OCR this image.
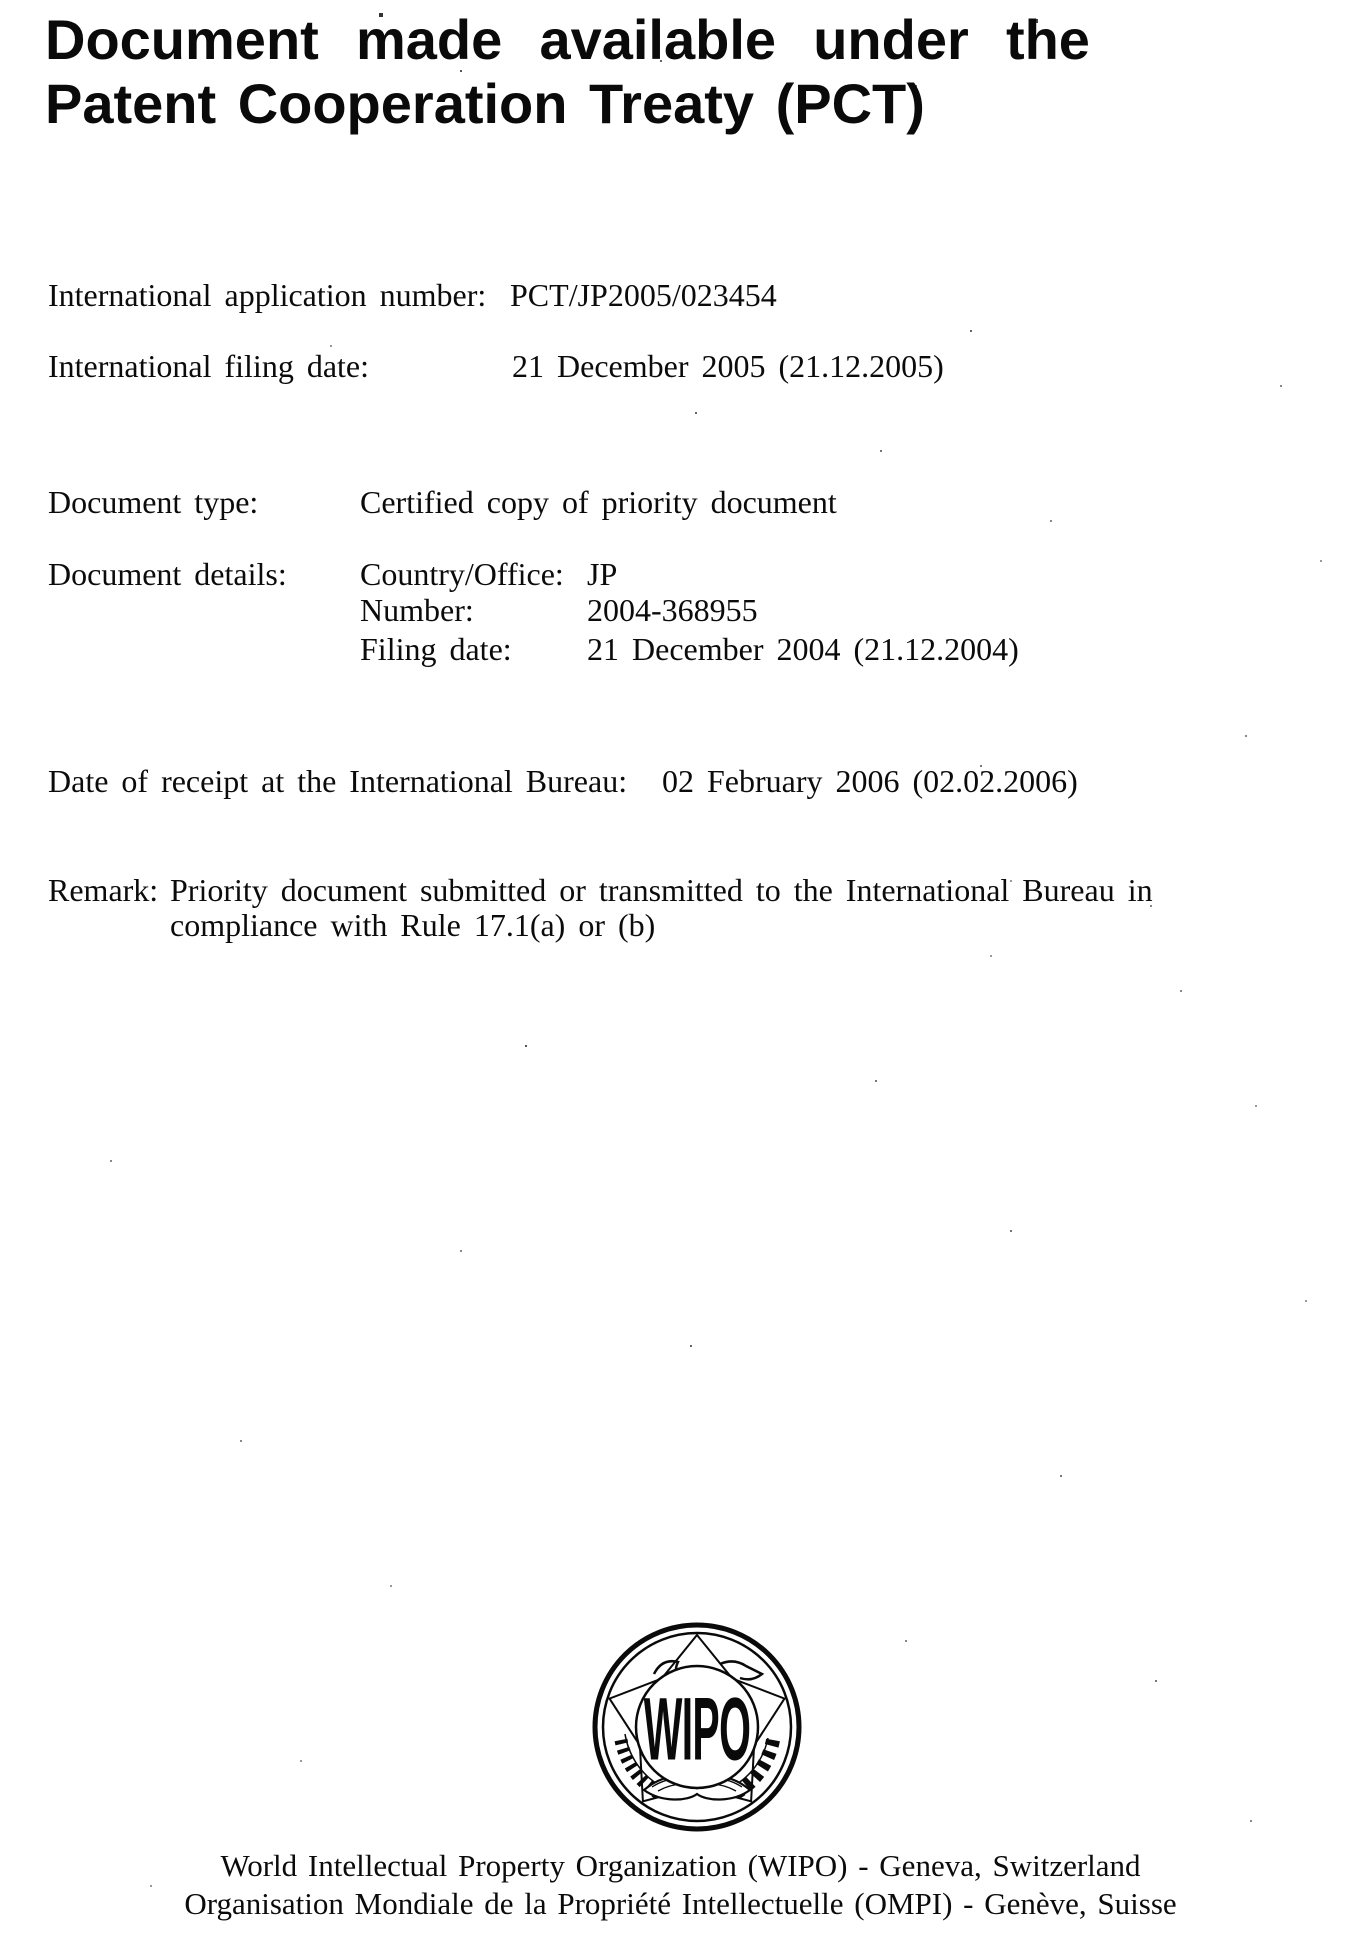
Document made available under the
Patent Cooperation Treaty (PCT)
International application number: PCT/JP2005/023454
International filing date:	21 December 2005 (21.12.2005)
Document type:	Certified copy of priority document
Document details: Country/Office: JP
Number:	2004-368955
Filing date: 21 December 2004 (21.12.2004)
Date of receipt at the International Bureau: 02 February 2006 (02.02.2006)
Remark: Priority document submitted or transmitted to the International Bureau in
compliance with Rule 17.1(a) or (b)
WIPO
World Intellectual Property Organization (WIPO) - Geneva, Switzerland
Organisation Mondiale de la Propriété Intellectuelle (OMPI) - Genève, Suisse
